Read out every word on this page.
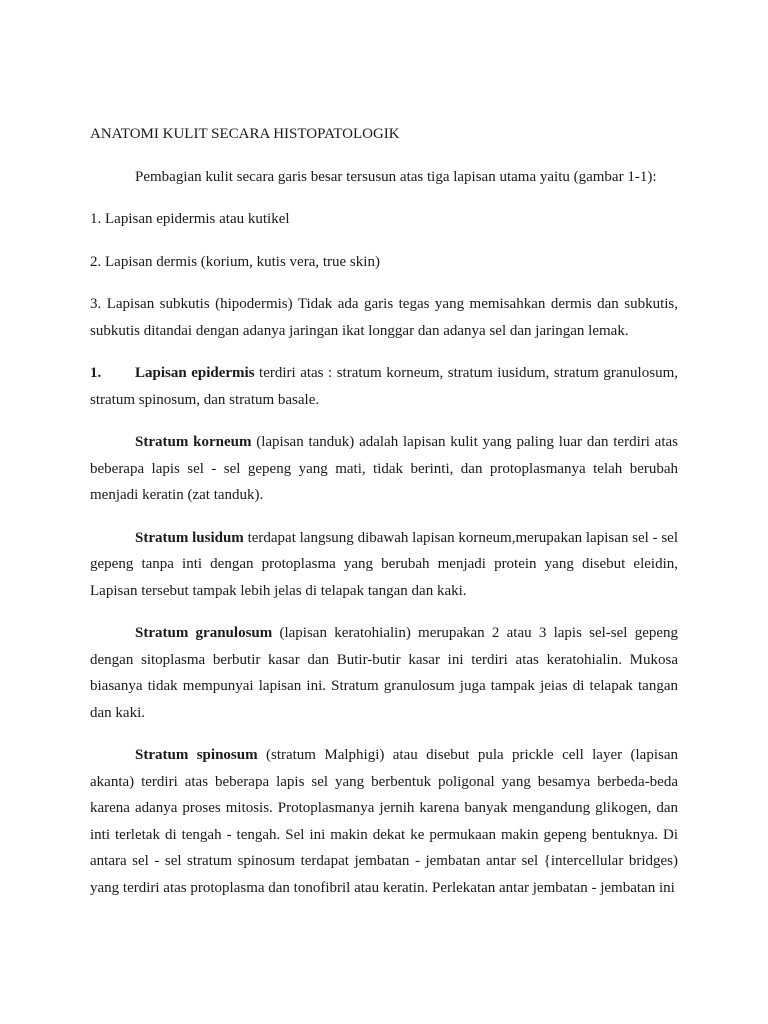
ANATOMI KULIT SECARA HISTOPATOLOGIK

Pembagian kulit secara garis besar tersusun atas tiga lapisan utama yaitu (gambar 1-1):

1. Lapisan epidermis atau kutikel

2. Lapisan dermis (korium, kutis vera, true skin)

3. Lapisan subkutis (hipodermis) Tidak ada garis tegas yang memisahkan dermis dan subkutis, subkutis ditandai dengan adanya jaringan ikat longgar dan adanya sel dan jaringan lemak.

1. Lapisan epidermis terdiri atas : stratum korneum, stratum iusidum, stratum granulosum, stratum spinosum, dan stratum basale.

Stratum korneum (lapisan tanduk) adalah lapisan kulit yang paling luar dan terdiri atas beberapa lapis sel - sel gepeng yang mati, tidak berinti, dan protoplasmanya telah berubah menjadi keratin (zat tanduk).

Stratum lusidum terdapat langsung dibawah lapisan korneum,merupakan lapisan sel - sel gepeng tanpa inti dengan protoplasma yang berubah menjadi protein yang disebut eleidin, Lapisan tersebut tampak lebih jelas di telapak tangan dan kaki.

Stratum granulosum (lapisan keratohialin) merupakan 2 atau 3 lapis sel-sel gepeng dengan sitoplasma berbutir kasar dan Butir-butir kasar ini terdiri atas keratohialin. Mukosa biasanya tidak mempunyai lapisan ini. Stratum granulosum juga tampak jeias di telapak tangan dan kaki.

Stratum spinosum (stratum Malphigi) atau disebut pula prickle cell layer (lapisan akanta) terdiri atas beberapa lapis sel yang berbentuk poligonal yang besamya berbeda-beda karena adanya proses mitosis. Protoplasmanya jernih karena banyak mengandung glikogen, dan inti terletak di tengah - tengah. Sel ini makin dekat ke permukaan makin gepeng bentuknya. Di antara sel - sel stratum spinosum terdapat jembatan - jembatan antar sel {intercellular bridges) yang terdiri atas protoplasma dan tonofibril atau keratin. Perlekatan antar jembatan - jembatan ini
